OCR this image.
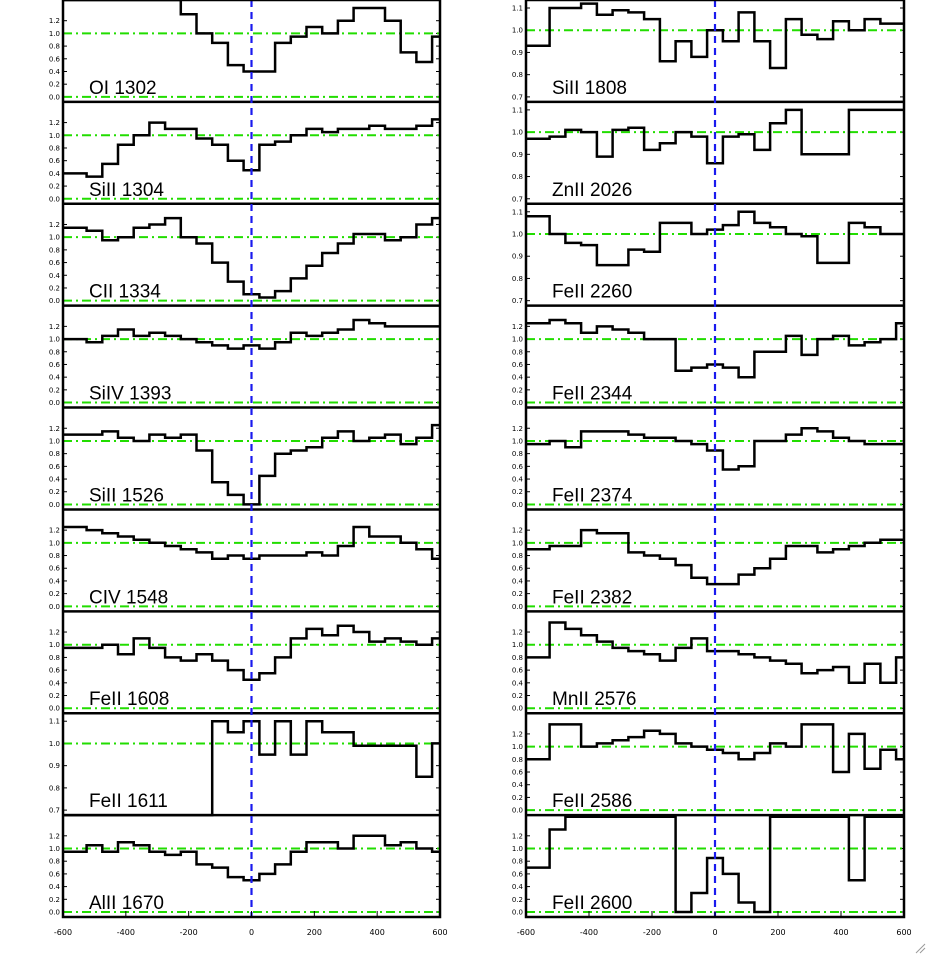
0.0
0.2
0.4
0.6
0.8
1.0
1.2
OI 1302
0.0
0.2
0.4
0.6
0.8
1.0
1.2
SiII 1304
0.0
0.2
0.4
0.6
0.8
1.0
1.2
CII 1334
0.0
0.2
0.4
0.6
0.8
1.0
1.2
SiIV 1393
0.0
0.2
0.4
0.6
0.8
1.0
1.2
SiII 1526
0.0
0.2
0.4
0.6
0.8
1.0
1.2
CIV 1548
0.0
0.2
0.4
0.6
0.8
1.0
1.2
FeII 1608
0.7
0.8
0.9
1.0
1.1
FeII 1611
0.0
0.2
0.4
0.6
0.8
1.0
1.2
AlII 1670
-600	-400	-200	0	200	400	600
0.7
0.8
0.9
1.0
1.1
SiII 1808
0.7
0.8
0.9
1.0
1.1
ZnII 2026
0.7
0.8
0.9
1.0
1.1
FeII 2260
0.0
0.2
0.4
0.6
0.8
1.0
1.2
FeII 2344
0.0
0.2
0.4
0.6
0.8
1.0
1.2
FeII 2374
0.0
0.2
0.4
0.6
0.8
1.0
1.2
FeII 2382
0.0
0.2
0.4
0.6
0.8
1.0
1.2
MnII 2576
0.0
0.2
0.4
0.6
0.8
1.0
1.2
FeII 2586
0.0
0.2
0.4
0.6
0.8
1.0
1.2
FeII 2600
-600	-400	-200	0	200	400	600
